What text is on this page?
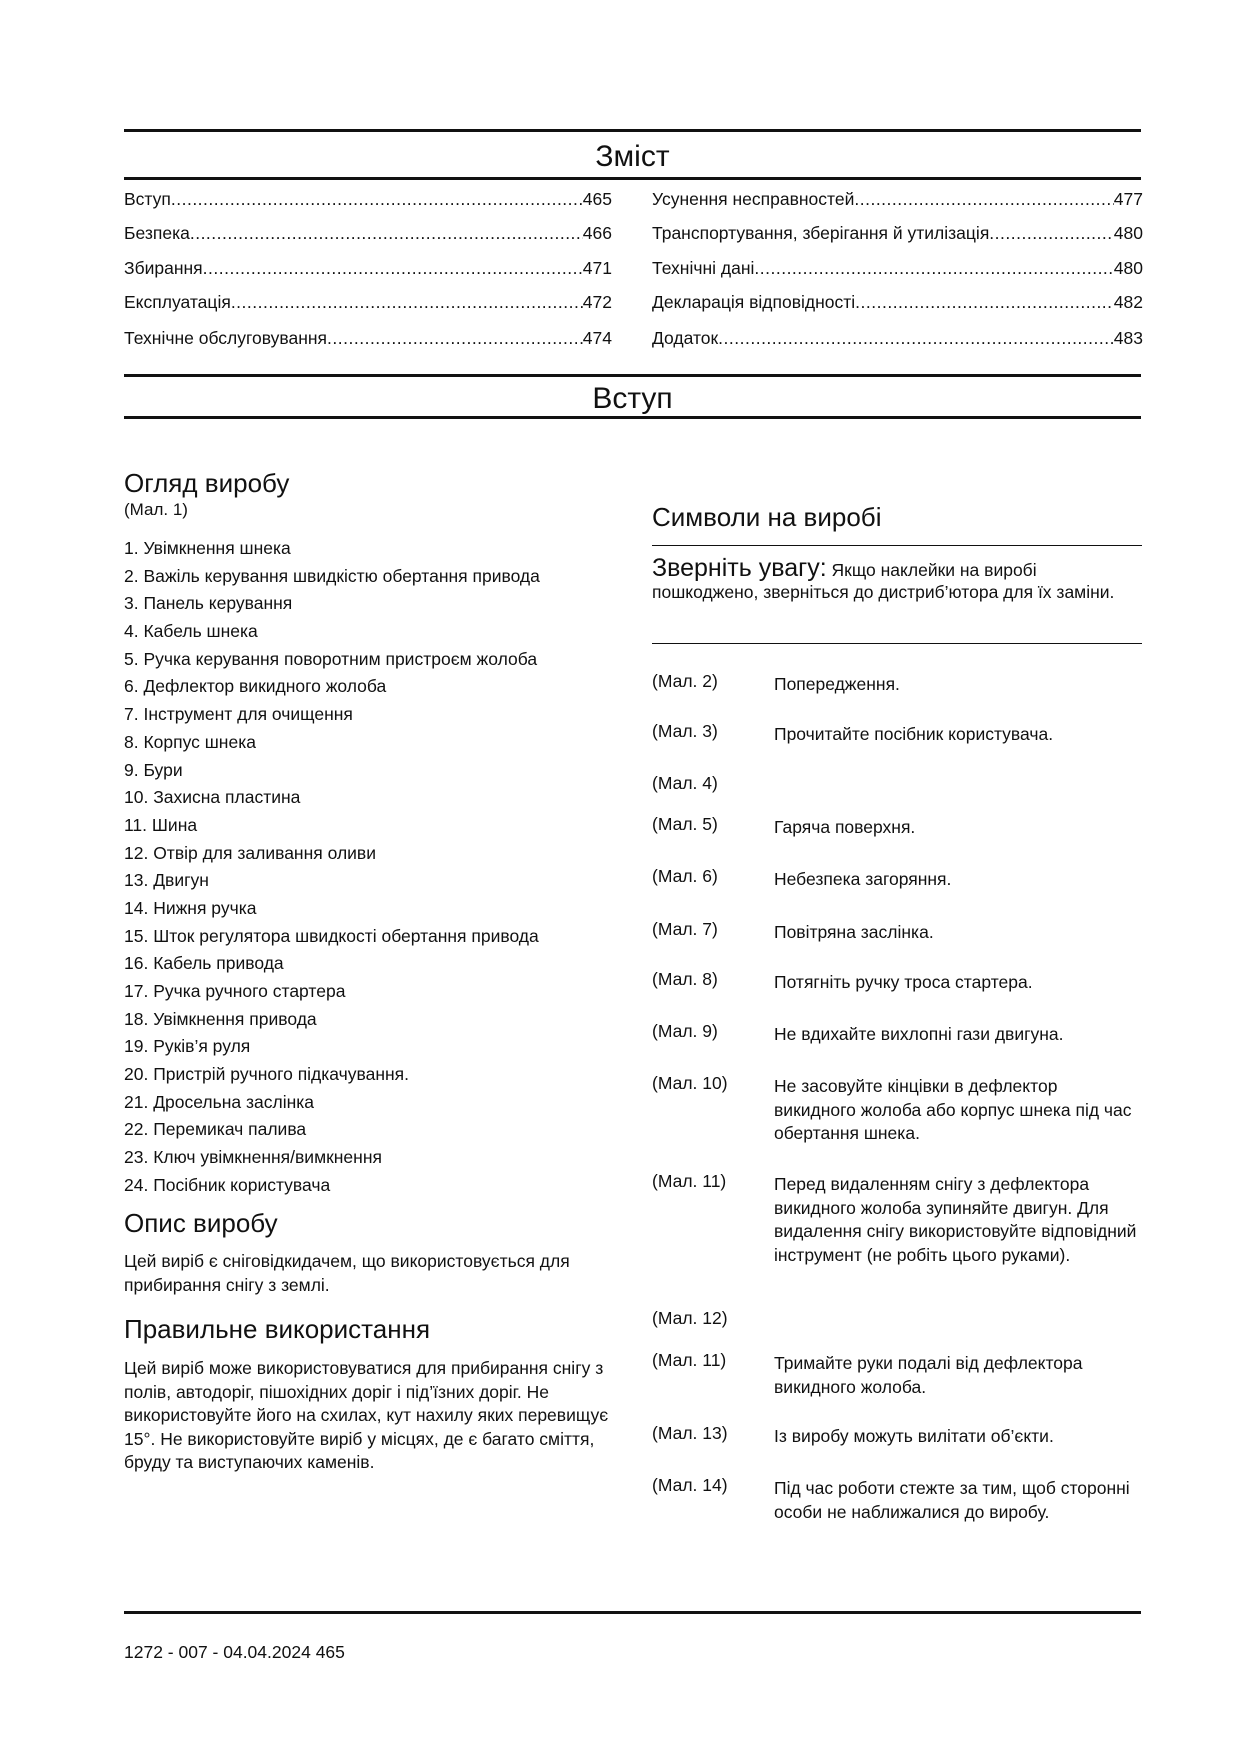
Зміст
Вступ .....	465
Безпека .....	466
Збирання .....	471
Експлуатація .....	472
Технічне обслуговування .....	474
Усунення несправностей .....	477
Транспортування, зберігання й утилізація .....	480
Технічні дані .....	480
Декларація відповідності .....	482
Додаток .....	483
Вступ
Огляд виробу
(Мал. 1)
1. Увімкнення шнека
2. Важіль керування швидкістю обертання привода
3. Панель керування
4. Кабель шнека
5. Ручка керування поворотним пристроєм жолоба
6. Дефлектор викидного жолоба
7. Інструмент для очищення
8. Корпус шнека
9. Бури
10. Захисна пластина
11. Шина
12. Отвір для заливання оливи
13. Двигун
14. Нижня ручка
15. Шток регулятора швидкості обертання привода
16. Кабель привода
17. Ручка ручного стартера
18. Увімкнення привода
19. Руків’я руля
20. Пристрій ручного підкачування.
21. Дросельна заслінка
22. Перемикач палива
23. Ключ увімкнення/вимкнення
24. Посібник користувача
Опис виробу

Цей виріб є сніговідкидачем, що використовується для прибирання снігу з землі.

Правильне використання

Цей виріб може використовуватися для прибирання снігу з полів, автодоріг, пішохідних доріг і під’їзних доріг. Не використовуйте його на схилах, кут нахилу яких перевищує 15°. Не використовуйте виріб у місцях, де є багато сміття, бруду та виступаючих каменів.

Символи на виробі
Зверніть увагу: Якщо наклейки на виробі пошкоджено, зверніться до дистриб’ютора для їх заміни.
(Мал. 2)	Попередження.
(Мал. 3)	Прочитайте посібник користувача.
(Мал. 4)
(Мал. 5)	Гаряча поверхня.
(Мал. 6)	Небезпека загоряння.
(Мал. 7)	Повітряна заслінка.
(Мал. 8)	Потягніть ручку троса стартера.
(Мал. 9)	Не вдихайте вихлопні гази двигуна.
(Мал. 10)	Не засовуйте кінцівки в дефлектор викидного жолоба або корпус шнека під час обертання шнека.
(Мал. 11)	Перед видаленням снігу з дефлектора викидного жолоба зупиняйте двигун. Для видалення снігу використовуйте відповідний інструмент (не робіть цього руками).
(Мал. 12)
(Мал. 11)	Тримайте руки подалі від дефлектора викидного жолоба.
(Мал. 13)	Із виробу можуть вилітати об’єкти.
(Мал. 14)	Під час роботи стежте за тим, щоб сторонні особи не наближалися до виробу.
1272 - 007 - 04.04.2024 465
